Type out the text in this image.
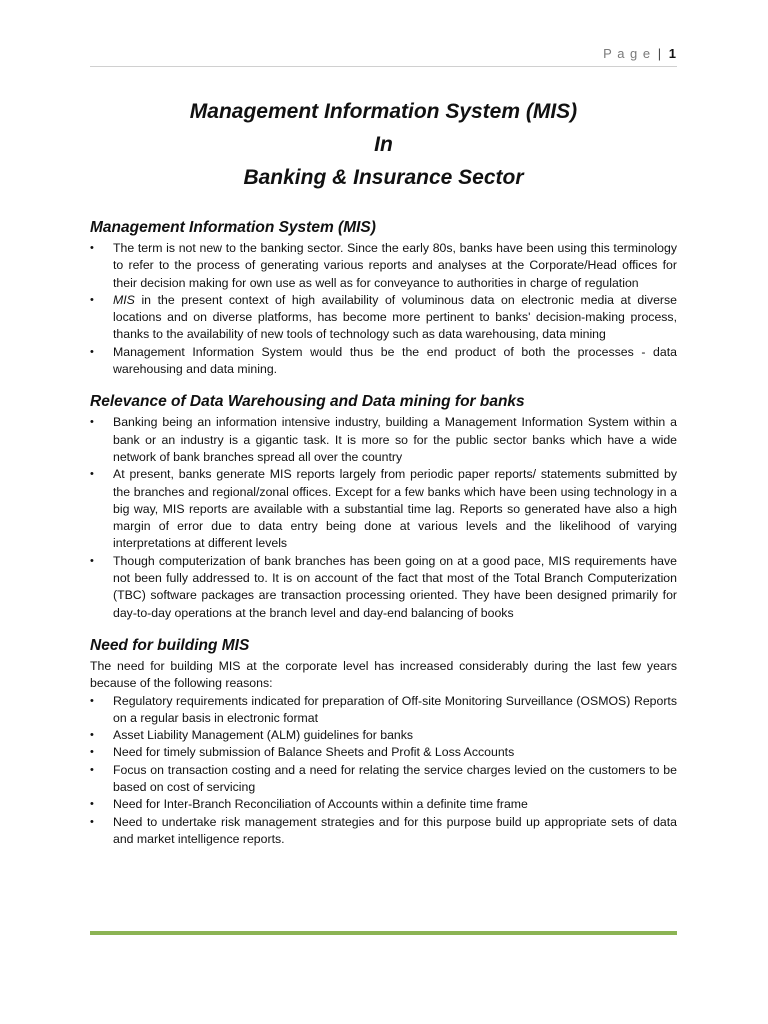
P a g e | 1
Management Information System (MIS)
In
Banking & Insurance Sector
Management Information System (MIS)
• The term is not new to the banking sector. Since the early 80s, banks have been using this terminology to refer to the process of generating various reports and analyses at the Corporate/Head offices for their decision making for own use as well as for conveyance to authorities in charge of regulation
• MIS in the present context of high availability of voluminous data on electronic media at diverse locations and on diverse platforms, has become more pertinent to banks' decision-making process, thanks to the availability of new tools of technology such as data warehousing, data mining
• Management Information System would thus be the end product of both the processes - data warehousing and data mining.
Relevance of Data Warehousing and Data mining for banks
• Banking being an information intensive industry, building a Management Information System within a bank or an industry is a gigantic task. It is more so for the public sector banks which have a wide network of bank branches spread all over the country
• At present, banks generate MIS reports largely from periodic paper reports/ statements submitted by the branches and regional/zonal offices. Except for a few banks which have been using technology in a big way, MIS reports are available with a substantial time lag. Reports so generated have also a high margin of error due to data entry being done at various levels and the likelihood of varying interpretations at different levels
• Though computerization of bank branches has been going on at a good pace, MIS requirements have not been fully addressed to. It is on account of the fact that most of the Total Branch Computerization (TBC) software packages are transaction processing oriented. They have been designed primarily for day-to-day operations at the branch level and day-end balancing of books
Need for building MIS

The need for building MIS at the corporate level has increased considerably during the last few years because of the following reasons:

• Regulatory requirements indicated for preparation of Off-site Monitoring Surveillance (OSMOS) Reports on a regular basis in electronic format
• Asset Liability Management (ALM) guidelines for banks
• Need for timely submission of Balance Sheets and Profit & Loss Accounts
• Focus on transaction costing and a need for relating the service charges levied on the customers to be based on cost of servicing
• Need for Inter-Branch Reconciliation of Accounts within a definite time frame
• Need to undertake risk management strategies and for this purpose build up appropriate sets of data and market intelligence reports.
